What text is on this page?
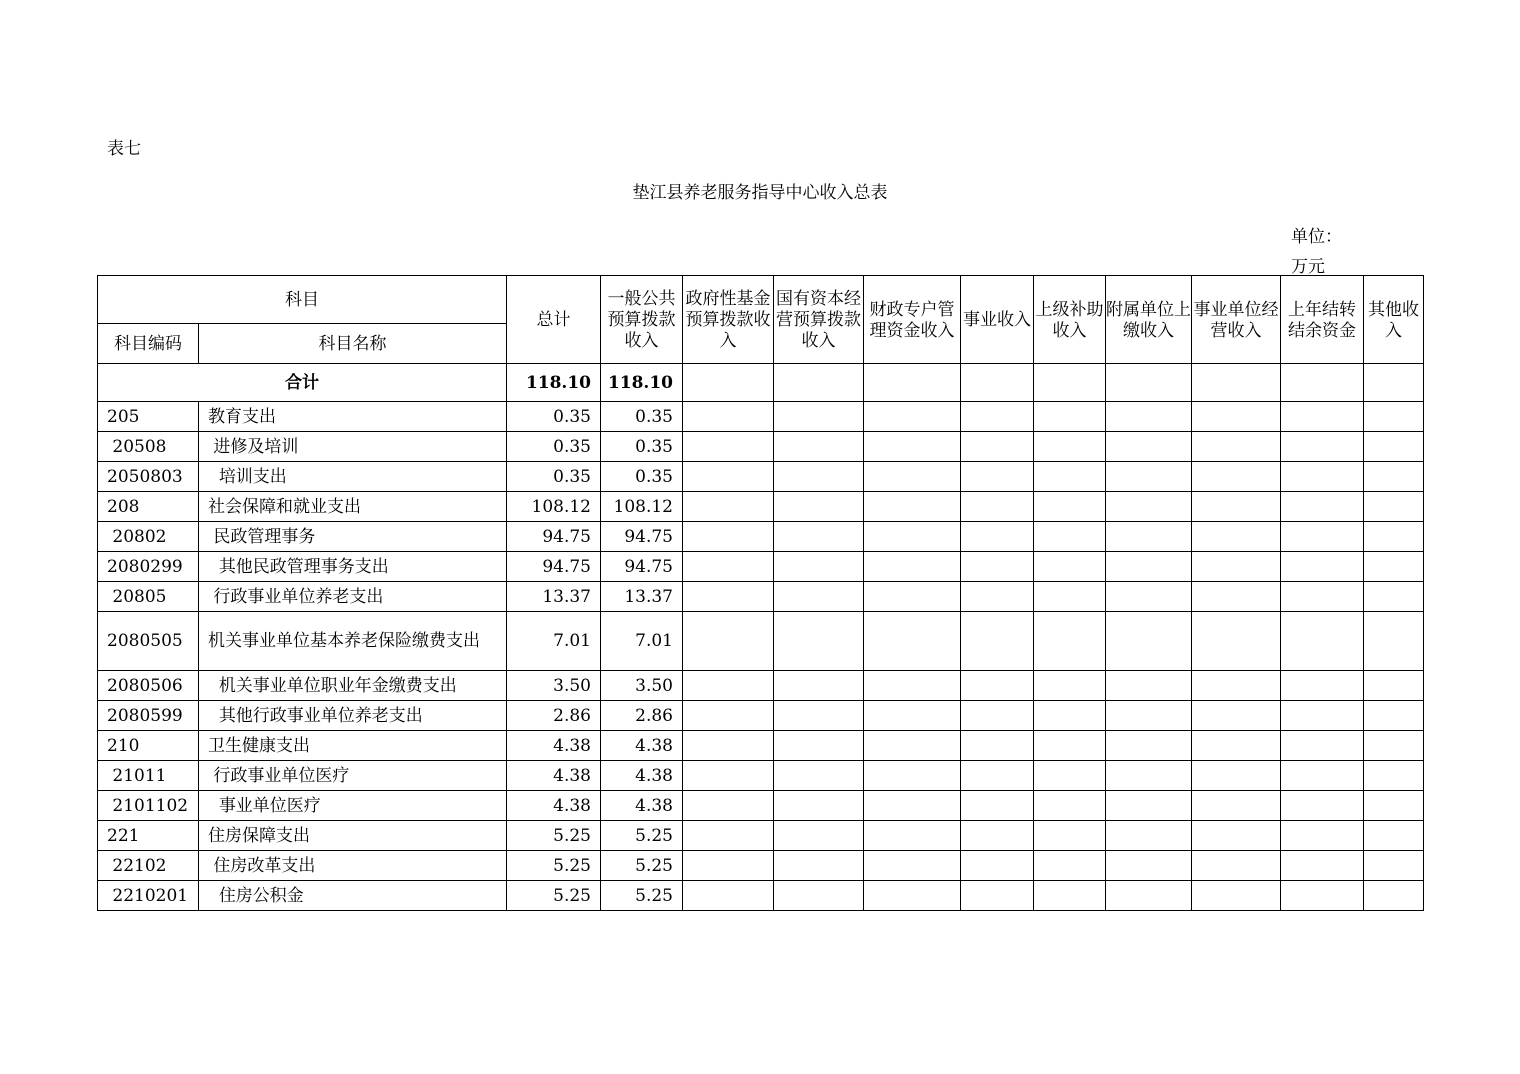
表七
垫江县养老服务指导中心收入总表
单位：万元
科目		总计	一般公共预算拨款收入	政府性基金预算拨款收入	国有资本经营预算拨款收入	财政专户管理资金收入	事业收入	上级补助收入	附属单位上缴收入	事业单位经营收入	上年结转结余资金	其他收入
科目编码	科目名称											
合计		118.10	118.10									
205	教育支出	0.35	0.35									
20508	进修及培训	0.35	0.35									
2050803	培训支出	0.35	0.35									
208	社会保障和就业支出	108.12	108.12									
20802	民政管理事务	94.75	94.75									
2080299	其他民政管理事务支出	94.75	94.75									
20805	行政事业单位养老支出	13.37	13.37									
2080505	机关事业单位基本养老保险缴费支出	7.01	7.01									
2080506	机关事业单位职业年金缴费支出	3.50	3.50									
2080599	其他行政事业单位养老支出	2.86	2.86									
210	卫生健康支出	4.38	4.38									
21011	行政事业单位医疗	4.38	4.38									
2101102	事业单位医疗	4.38	4.38									
221	住房保障支出	5.25	5.25									
22102	住房改革支出	5.25	5.25									
2210201	住房公积金	5.25	5.25									
